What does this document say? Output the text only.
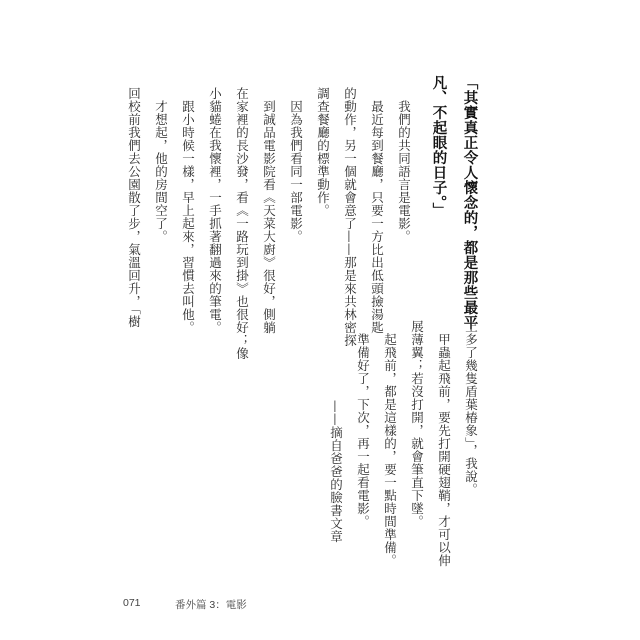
「其實真正令人懷念的，都是那些最平
凡、不起眼的日子。」
我們的共同語言是電影。
最近每到餐廳，只要一方比出低頭撿湯匙
的動作，另一個就會意了——那是來共林密探
調查餐廳的標準動作。
因為我們看同一部電影。
到誠品電影院看《天菜大廚》很好，側躺
在家裡的長沙發，看《一路玩到掛》也很好；像
小貓蜷在我懷裡，一手抓著翻過來的筆電。
跟小時候一樣，早上起來，習慣去叫他。
才想起，他的房間空了。
回校前我們去公園散了步，氣溫回升，「樹
上多了幾隻盾葉椿象」，我說。
甲蟲起飛前，要先打開硬翅鞘，才可以伸
展薄翼；若沒打開，就會筆直下墜。
起飛前，都是這樣的，要一點時間準備。
準備好了，下次，再一起看電影。
——摘自爸爸的臉書文章
071	番外篇 3：電影
